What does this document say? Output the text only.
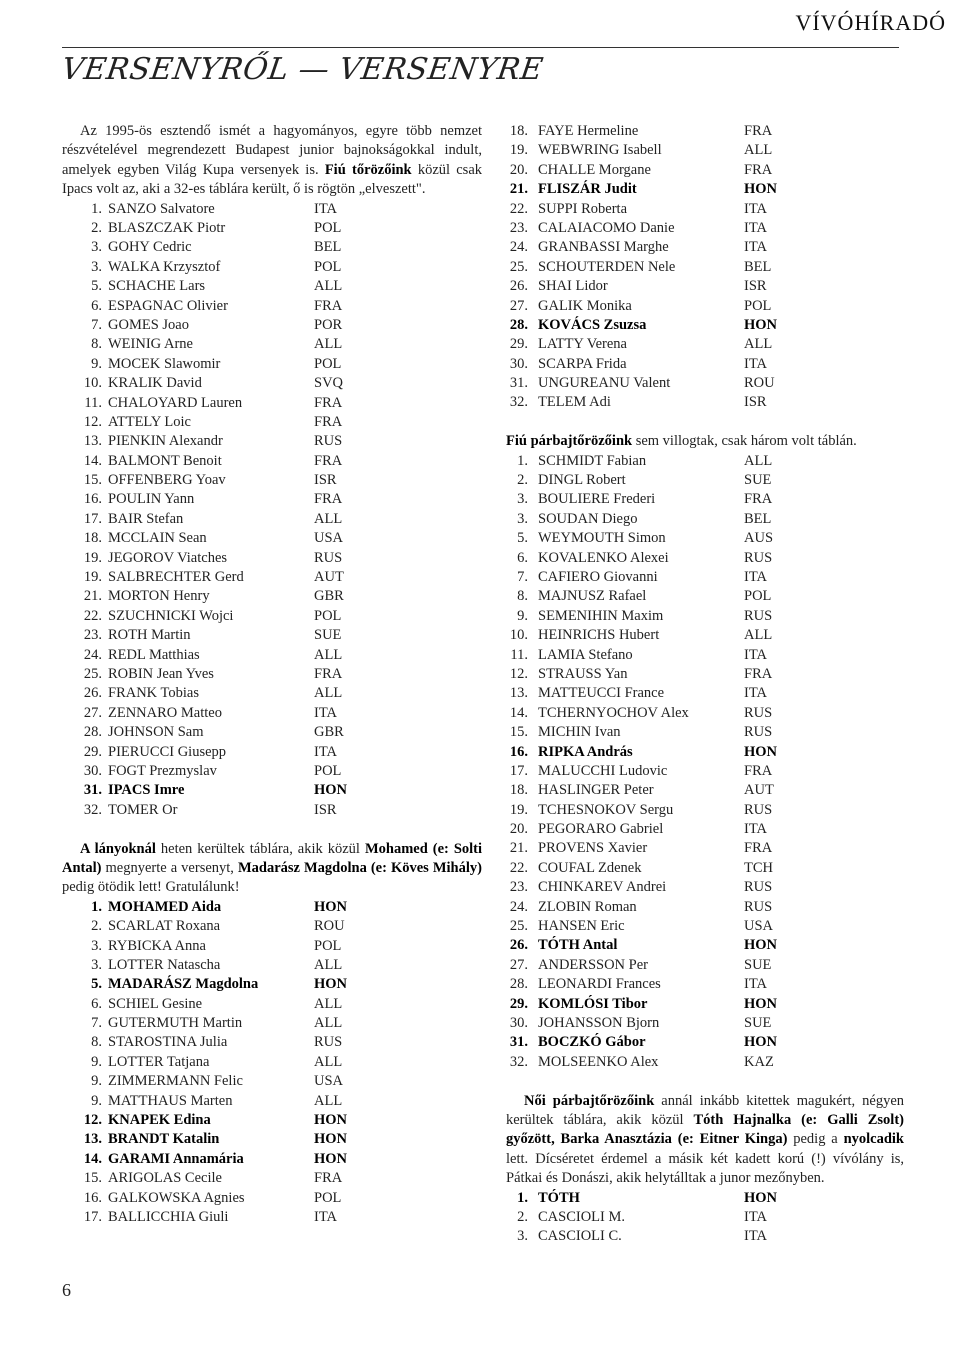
VÍVÓHÍRADÓ
VERSENYRŐL — VERSENYRE

Az 1995-ös esztendő ismét a hagyományos, egyre több nemzet részvételével megrendezett Budapest junior bajnokságokkal indult, amelyek egyben Világ Kupa versenyek is. Fiú tőrözőink közül csak Ipacs volt az, aki a 32-es táblára került, ő is rögtön „elveszett".

1. SANZO Salvatore	ITA
2. BLASZCZAK Piotr	POL
3. GOHY Cedric	BEL
3. WALKA Krzysztof	POL
5. SCHACHE Lars	ALL
6. ESPAGNAC Olivier	FRA
7. GOMES Joao	POR
8. WEINIG Arne	ALL
9. MOCEK Slawomir	POL
10. KRALIK David	SVQ
11. CHALOYARD Lauren	FRA
12. ATTELY Loic	FRA
13. PIENKIN Alexandr	RUS
14. BALMONT Benoit	FRA
15. OFFENBERG Yoav	ISR
16. POULIN Yann	FRA
17. BAIR Stefan	ALL
18. MCCLAIN Sean	USA
19. JEGOROV Viatches	RUS
19. SALBRECHTER Gerd	AUT
21. MORTON Henry	GBR
22. SZUCHNICKI Wojci	POL
23. ROTH Martin	SUE
24. REDL Matthias	ALL
25. ROBIN Jean Yves	FRA
26. FRANK Tobias	ALL
27. ZENNARO Matteo	ITA
28. JOHNSON Sam	GBR
29. PIERUCCI Giusepp	ITA
30. FOGT Prezmyslav	POL
31. IPACS Imre	HON
32. TOMER Or	ISR

A lányoknál heten kerültek táblára, akik közül Mohamed (e: Solti Antal) megnyerte a versenyt, Madarász Magdolna (e: Köves Mihály) pedig ötödik lett! Gratulálunk!

1. MOHAMED Aida	HON
2. SCARLAT Roxana	ROU
3. RYBICKA Anna	POL
3. LOTTER Natascha	ALL
5. MADARÁSZ Magdolna	HON
6. SCHIEL Gesine	ALL
7. GUTERMUTH Martin	ALL
8. STAROSTINA Julia	RUS
9. LOTTER Tatjana	ALL
9. ZIMMERMANN Felic	USA
9. MATTHAUS Marten	ALL
12. KNAPEK Edina	HON
13. BRANDT Katalin	HON
14. GARAMI Annamária	HON
15. ARIGOLAS Cecile	FRA
16. GALKOWSKA Agnies	POL
17. BALLICCHIA Giuli	ITA
18. FAYE Hermeline	FRA
19. WEBWRING Isabell	ALL
20. CHALLE Morgane	FRA
21. FLISZÁR Judit	HON
22. SUPPI Roberta	ITA
23. CALAIACOMO Danie	ITA
24. GRANBASSI Marghe	ITA
25. SCHOUTERDEN Nele	BEL
26. SHAI Lidor	ISR
27. GALIK Monika	POL
28. KOVÁCS Zsuzsa	HON
29. LATTY Verena	ALL
30. SCARPA Frida	ITA
31. UNGUREANU Valent	ROU
32. TELEM Adi	ISR

Fiú párbajtőrözőink sem villogtak, csak három volt táblán.

1. SCHMIDT Fabian	ALL
2. DINGL Robert	SUE
3. BOULIERE Frederi	FRA
3. SOUDAN Diego	BEL
5. WEYMOUTH Simon	AUS
6. KOVALENKO Alexei	RUS
7. CAFIERO Giovanni	ITA
8. MAJNUSZ Rafael	POL
9. SEMENIHIN Maxim	RUS
10. HEINRICHS Hubert	ALL
11. LAMIA Stefano	ITA
12. STRAUSS Yan	FRA
13. MATTEUCCI France	ITA
14. TCHERNYOCHOV Alex	RUS
15. MICHIN Ivan	RUS
16. RIPKA András	HON
17. MALUCCHI Ludovic	FRA
18. HASLINGER Peter	AUT
19. TCHESNOKOV Sergu	RUS
20. PEGORARO Gabriel	ITA
21. PROVENS Xavier	FRA
22. COUFAL Zdenek	TCH
23. CHINKAREV Andrei	RUS
24. ZLOBIN Roman	RUS
25. HANSEN Eric	USA
26. TÓTH Antal	HON
27. ANDERSSON Per	SUE
28. LEONARDI Frances	ITA
29. KOMLÓSI Tibor	HON
30. JOHANSSON Bjorn	SUE
31. BOCZKÓ Gábor	HON
32. MOLSEENKO Alex	KAZ

Női párbajtőrözőink annál inkább kitettek magukért, négyen kerültek táblára, akik közül Tóth Hajnalka (e: Galli Zsolt) győzött, Barka Anasztázia (e: Eitner Kinga) pedig a nyolcadik lett. Dícséretet érdemel a másik két kadett korú (!) vívólány is, Pátkai és Donászi, akik helytálltak a junor mezőnyben.

1. TÓTH	HON
2. CASCIOLI M.	ITA
3. CASCIOLI C.	ITA
6
